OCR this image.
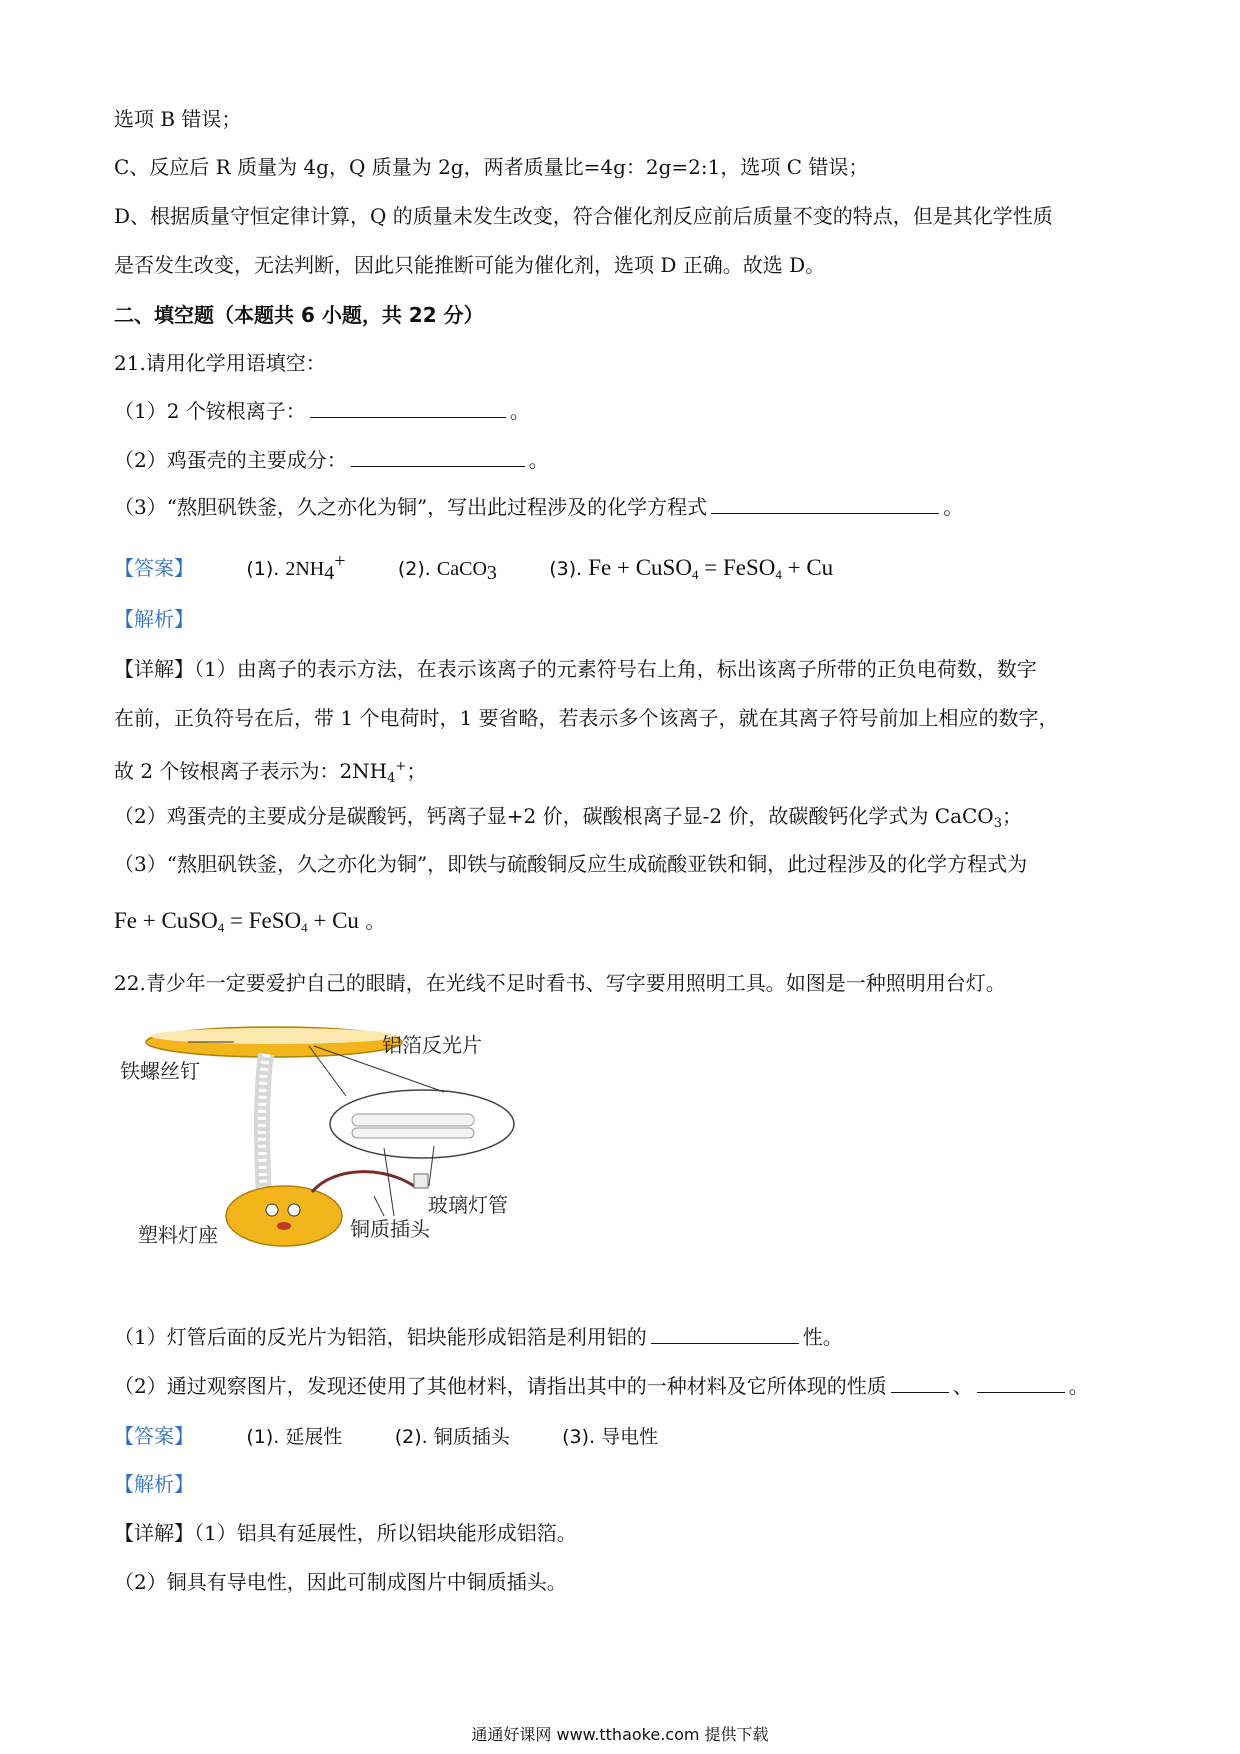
选项 B 错误；
C、反应后 R 质量为 4g，Q 质量为 2g，两者质量比=4g：2g=2:1，选项 C 错误；
D、根据质量守恒定律计算，Q 的质量未发生改变，符合催化剂反应前后质量不变的特点，但是其化学性质
是否发生改变，无法判断，因此只能推断可能为催化剂，选项 D 正确。故选 D。
二、填空题（本题共 6 小题，共 22 分）
21.请用化学用语填空：
（1）2 个铵根离子：	。
（2）鸡蛋壳的主要成分：	。
（3）“熬胆矾铁釜，久之亦化为铜”，写出此过程涉及的化学方程式	。
【答案】	(1). 2NH4+	(2). CaCO3	(3). Fe + CuSO$_4$ = FeSO$_4$ + Cu
【解析】
【详解】（1）由离子的表示方法，在表示该离子的元素符号右上角，标出该离子所带的正负电荷数，数字
在前，正负符号在后，带 1 个电荷时，1 要省略，若表示多个该离子，就在其离子符号前加上相应的数字，
故 2 个铵根离子表示为：$2NH_4^+$；
（2）鸡蛋壳的主要成分是碳酸钙，钙离子显+2 价，碳酸根离子显-2 价，故碳酸钙化学式为 CaCO$_3$；
（3）“熬胆矾铁釜，久之亦化为铜”，即铁与硫酸铜反应生成硫酸亚铁和铜，此过程涉及的化学方程式为
Fe + CuSO$_4$ = FeSO$_4$ + Cu 。
22.青少年一定要爱护自己的眼睛，在光线不足时看书、写字要用照明工具。如图是一种照明用台灯。
铝箔反光片
铁螺丝钉
玻璃灯管
塑料灯座	铜质插头
（1）灯管后面的反光片为铝箔，铝块能形成铝箔是利用铝的	性。
（2）通过观察图片，发现还使用了其他材料，请指出其中的一种材料及它所体现的性质	、	。
【答案】	(1). 延展性	(2). 铜质插头	(3). 导电性
【解析】
【详解】（1）铝具有延展性，所以铝块能形成铝箔。
（2）铜具有导电性，因此可制成图片中铜质插头。
通通好课网 www.tthaoke.com 提供下载
